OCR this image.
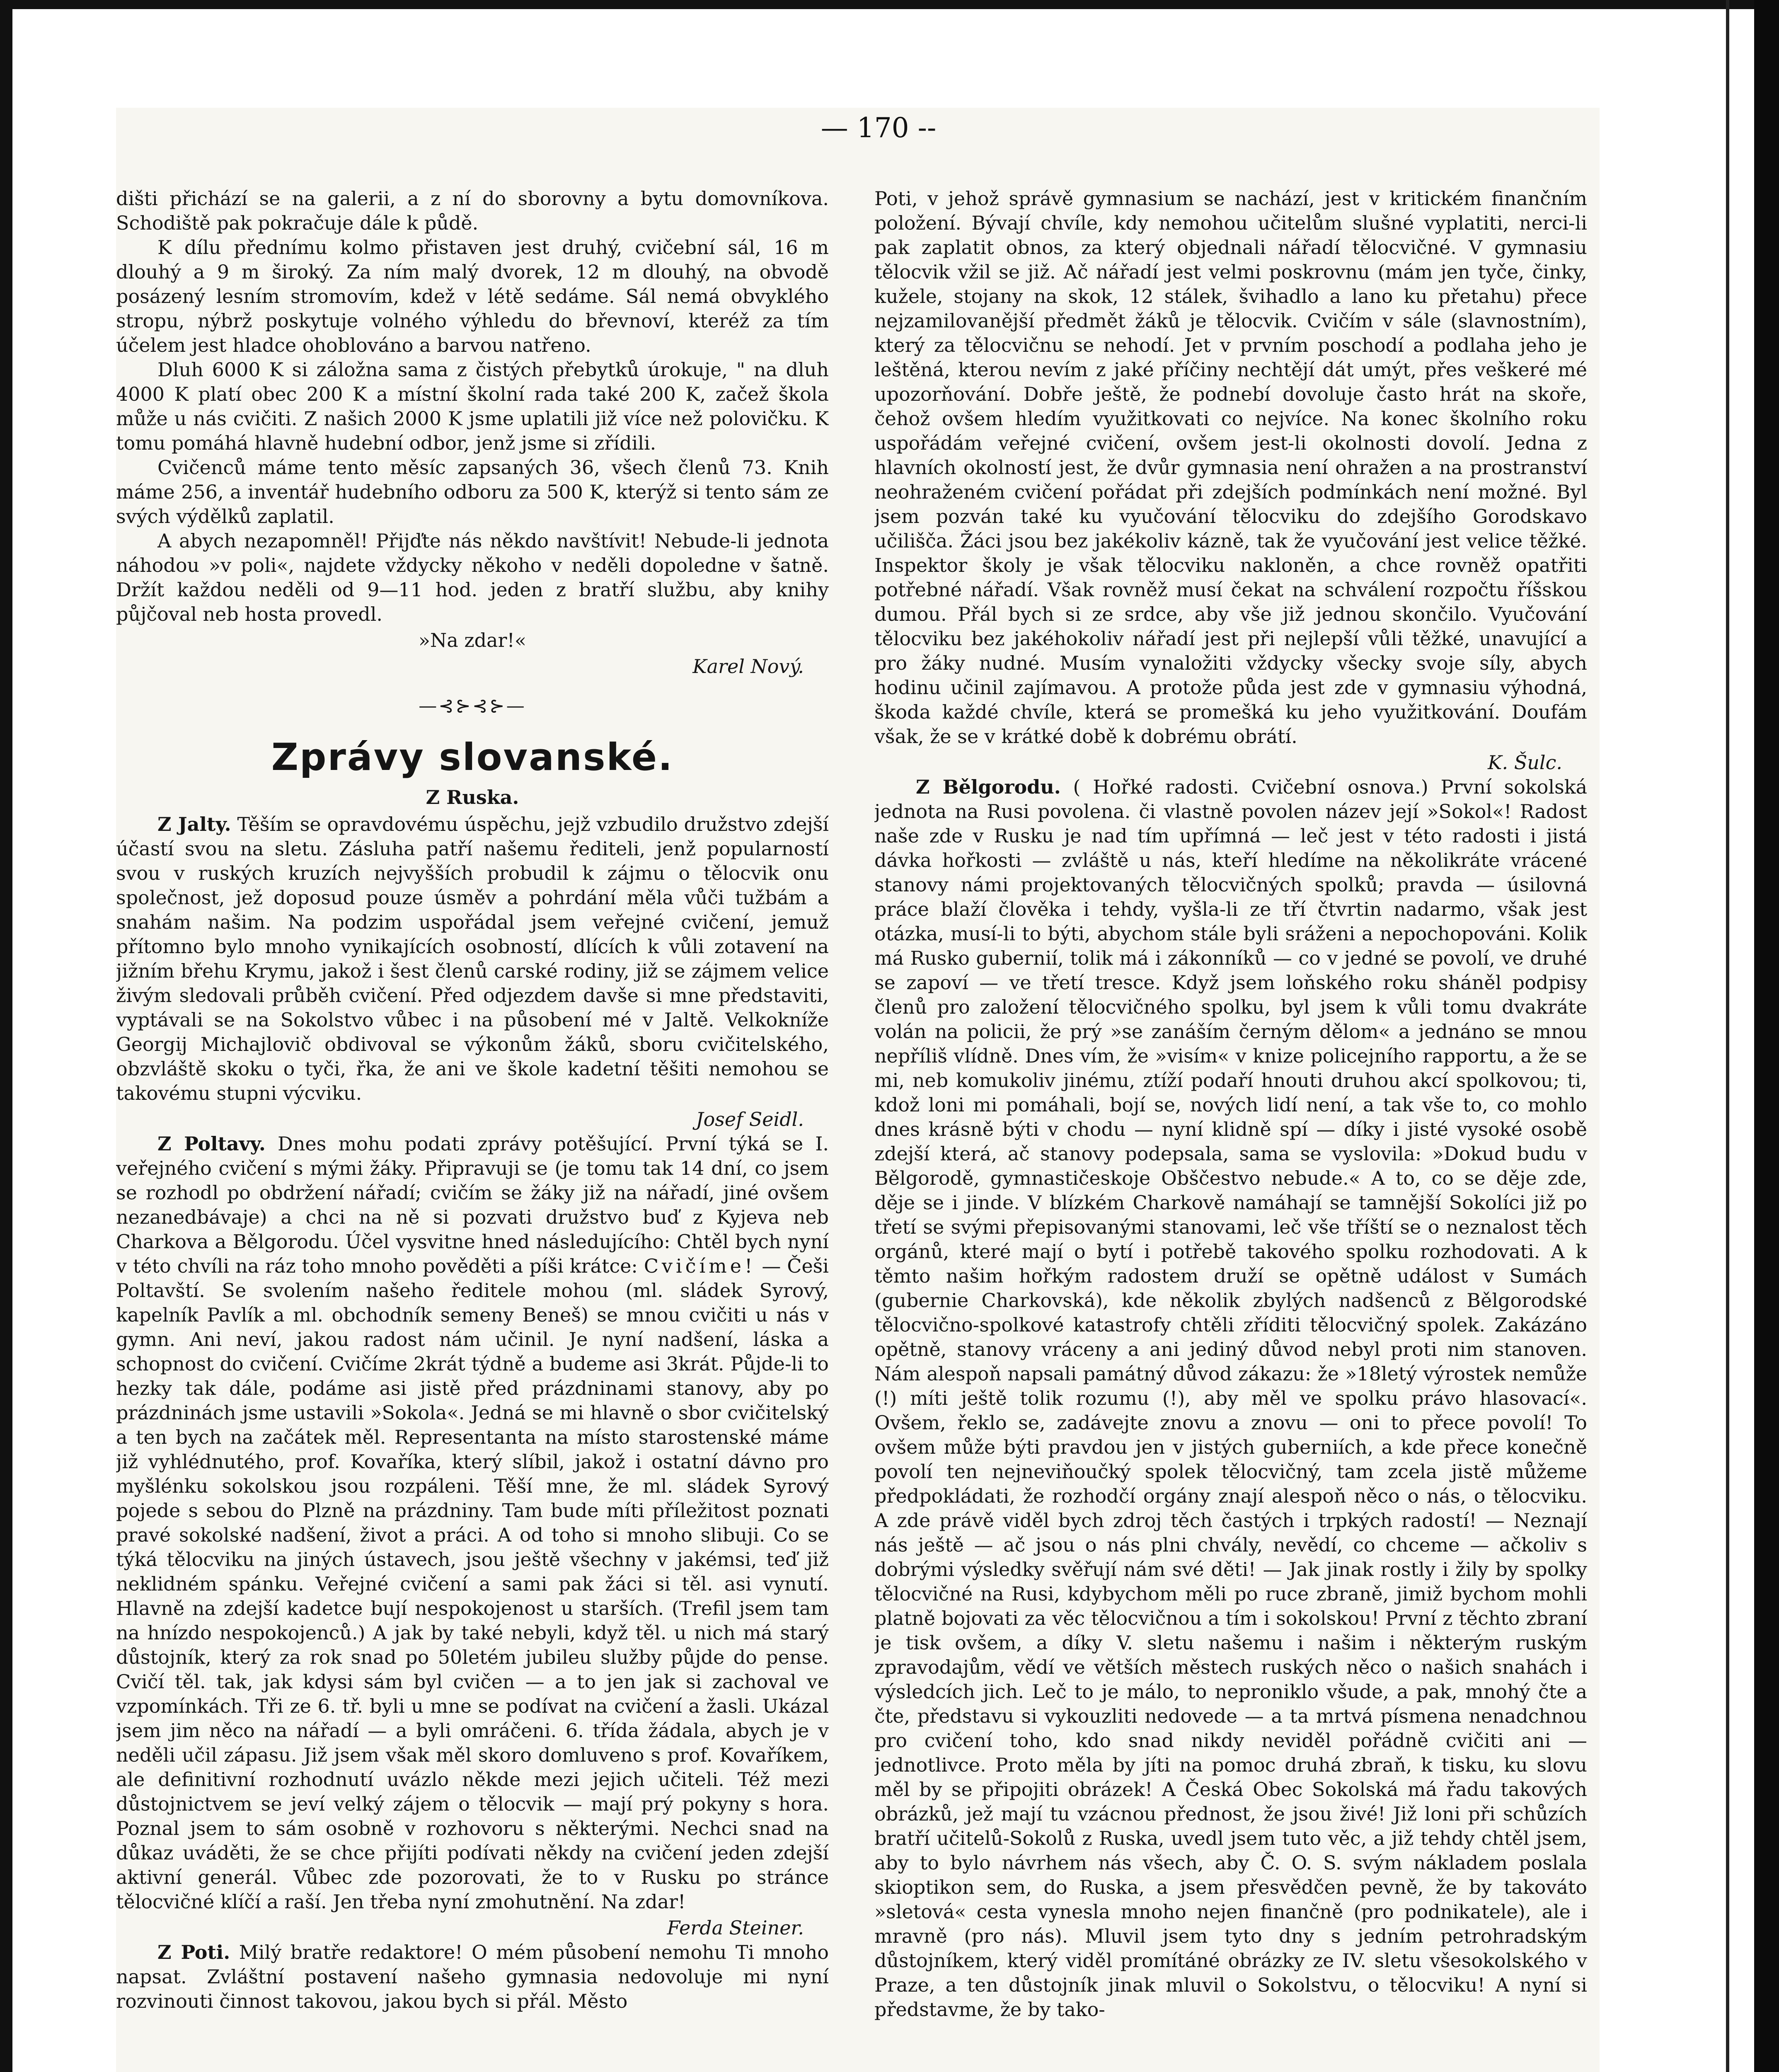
— 170 --

dišti přichází se na galerii, a z ní do sborovny a bytu domovníkova. Schodiště pak pokračuje dále k půdě.

K dílu přednímu kolmo přistaven jest druhý, cvičební sál, 16 m dlouhý a 9 m široký. Za ním malý dvorek, 12 m dlouhý, na obvodě posázený lesním stromovím, kdež v létě sedáme. Sál nemá obvyklého stropu, nýbrž poskytuje volného výhledu do břevnoví, kteréž za tím účelem jest hladce ohoblováno a barvou natřeno.

Dluh 6000 K si záložna sama z čistých přebytků úrokuje, " na dluh 4000 K platí obec 200 K a místní školní rada také 200 K, začež škola může u nás cvičiti. Z našich 2000 K jsme uplatili již více než polovičku. K tomu pomáhá hlavně hudební odbor, jenž jsme si zřídili.

Cvičenců máme tento měsíc zapsaných 36, všech členů 73. Knih máme 256, a inventář hudebního odboru za 500 K, kterýž si tento sám ze svých výdělků zaplatil.

A abych nezapomněl! Přijďte nás někdo navštívit! Nebude-li jednota náhodou »v poli«, najdete vždycky někoho v neděli dopoledne v šatně. Držít každou neděli od 9—11 hod. jeden z bratří službu, aby knihy půjčoval neb hosta provedl.

»Na zdar!«
Karel Nový.
—⊰⊱⊰⊱—
Zprávy slovanské.
Z Ruska.

Z Jalty. Těším se opravdovému úspěchu, jejž vzbudilo družstvo zdejší účastí svou na sletu. Zásluha patří našemu řediteli, jenž popularností svou v ruských kruzích nejvyšších probudil k zájmu o tělocvik onu společnost, jež doposud pouze úsměv a pohrdání měla vůči tužbám a snahám našim. Na podzim uspořádal jsem veřejné cvičení, jemuž přítomno bylo mnoho vynikajících osobností, dlících k vůli zotavení na jižním břehu Krymu, jakož i šest členů carské rodiny, již se zájmem velice živým sledovali průběh cvičení. Před odjezdem davše si mne představiti, vyptávali se na Sokolstvo vůbec i na působení mé v Jaltě. Velkokníže Georgij Michajlovič obdivoval se výkonům žáků, sboru cvičitelského, obzvláště skoku o tyči, řka, že ani ve škole kadetní těšiti nemohou se takovému stupni výcviku.

Josef Seidl.

Z Poltavy. Dnes mohu podati zprávy potěšující. První týká se I. veřejného cvičení s mými žáky. Připravuji se (je tomu tak 14 dní, co jsem se rozhodl po obdržení nářadí; cvičím se žáky již na nářadí, jiné ovšem nezanedbávaje) a chci na ně si pozvati družstvo buď z Kyjeva neb Charkova a Bělgorodu. Účel vysvitne hned následujícího: Chtěl bych nyní v této chvíli na ráz toho mnoho pověděti a píši krátce: Cvičíme! — Češi Poltavští. Se svolením našeho ředitele mohou (ml. sládek Syrový, kapelník Pavlík a ml. obchodník semeny Beneš) se mnou cvičiti u nás v gymn. Ani neví, jakou radost nám učinil. Je nyní nadšení, láska a schopnost do cvičení. Cvičíme 2krát týdně a budeme asi 3krát. Půjde-li to hezky tak dále, podáme asi jistě před prázdninami stanovy, aby po prázdninách jsme ustavili »Sokola«. Jedná se mi hlavně o sbor cvičitelský a ten bych na začátek měl. Representanta na místo starostenské máme již vyhlédnutého, prof. Kovaříka, který slíbil, jakož i ostatní dávno pro myšlénku sokolskou jsou rozpáleni. Těší mne, že ml. sládek Syrový pojede s sebou do Plzně na prázdniny. Tam bude míti příležitost poznati pravé sokolské nadšení, život a práci. A od toho si mnoho slibuji. Co se týká tělocviku na jiných ústavech, jsou ještě všechny v jakémsi, teď již neklidném spánku. Veřejné cvičení a sami pak žáci si těl. asi vynutí. Hlavně na zdejší kadetce bují nespokojenost u starších. (Trefil jsem tam na hnízdo nespokojenců.) A jak by také nebyli, když těl. u nich má starý důstojník, který za rok snad po 50letém jubileu služby půjde do pense. Cvičí těl. tak, jak kdysi sám byl cvičen — a to jen jak si zachoval ve vzpomínkách. Tři ze 6. tř. byli u mne se podívat na cvičení a žasli. Ukázal jsem jim něco na nářadí — a byli omráčeni. 6. třída žádala, abych je v neděli učil zápasu. Již jsem však měl skoro domluveno s prof. Kovaříkem, ale definitivní rozhodnutí uvázlo někde mezi jejich učiteli. Též mezi důstojnictvem se jeví velký zájem o tělocvik — mají prý pokyny s hora. Poznal jsem to sám osobně v rozhovoru s některými. Nechci snad na důkaz uváděti, že se chce přijíti podívati někdy na cvičení jeden zdejší aktivní generál. Vůbec zde pozorovati, že to v Rusku po stránce tělocvičné klíčí a raší. Jen třeba nyní zmohutnění. Na zdar!

Ferda Steiner.

Z Poti. Milý bratře redaktore! O mém působení nemohu Ti mnoho napsat. Zvláštní postavení našeho gymnasia nedovoluje mi nyní rozvinouti činnost takovou, jakou bych si přál. Město

Poti, v jehož správě gymnasium se nachází, jest v kritickém finančním položení. Bývají chvíle, kdy nemohou učitelům slušné vyplatiti, nerci-li pak zaplatit obnos, za který objednali nářadí tělocvičné. V gymnasiu tělocvik vžil se již. Ač nářadí jest velmi poskrovnu (mám jen tyče, činky, kužele, stojany na skok, 12 stálek, švihadlo a lano ku přetahu) přece nejzamilovanější předmět žáků je tělocvik. Cvičím v sále (slavnostním), který za tělocvičnu se nehodí. Jet v prvním poschodí a podlaha jeho je leštěná, kterou nevím z jaké příčiny nechtějí dát umýt, přes veškeré mé upozorňování. Dobře ještě, že podnebí dovoluje často hrát na skoře, čehož ovšem hledím využitkovati co nejvíce. Na konec školního roku uspořádám veřejné cvičení, ovšem jest-li okolnosti dovolí. Jedna z hlavních okolností jest, že dvůr gymnasia není ohražen a na prostranství neohraženém cvičení pořádat při zdejších podmínkách není možné. Byl jsem pozván také ku vyučování tělocviku do zdejšího Gorodskavo učilišča. Žáci jsou bez jakékoliv kázně, tak že vyučování jest velice těžké. Inspektor školy je však tělocviku nakloněn, a chce rovněž opatřiti potřebné nářadí. Však rovněž musí čekat na schválení rozpočtu říšskou dumou. Přál bych si ze srdce, aby vše již jednou skončilo. Vyučování tělocviku bez jakéhokoliv nářadí jest při nejlepší vůli těžké, unavující a pro žáky nudné. Musím vynaložiti vždycky všecky svoje síly, abych hodinu učinil zajímavou. A protože půda jest zde v gymnasiu výhodná, škoda každé chvíle, která se promešká ku jeho využitkování. Doufám však, že se v krátké době k dobrému obrátí.

K. Šulc.

Z Bělgorodu. ( Hořké radosti. Cvičební osnova.) První sokolská jednota na Rusi povolena. či vlastně povolen název její »Sokol«! Radost naše zde v Rusku je nad tím upřímná — leč jest v této radosti i jistá dávka hořkosti — zvláště u nás, kteří hledíme na několikráte vrácené stanovy námi projektovaných tělocvičných spolků; pravda — úsilovná práce blaží člověka i tehdy, vyšla-li ze tří čtvrtin nadarmo, však jest otázka, musí-li to býti, abychom stále byli sráženi a nepochopováni. Kolik má Rusko gubernií, tolik má i zákonníků — co v jedné se povolí, ve druhé se zapoví — ve třetí tresce. Když jsem loňského roku sháněl podpisy členů pro založení tělocvičného spolku, byl jsem k vůli tomu dvakráte volán na policii, že prý »se zanáším černým dělom« a jednáno se mnou nepříliš vlídně. Dnes vím, že »visím« v knize policejního rapportu, a že se mi, neb komukoliv jinému, ztíží podaří hnouti druhou akcí spolkovou; ti, kdož loni mi pomáhali, bojí se, nových lidí není, a tak vše to, co mohlo dnes krásně býti v chodu — nyní klidně spí — díky i jisté vysoké osobě zdejší která, ač stanovy podepsala, sama se vyslovila: »Dokud budu v Bělgorodě, gymnastičeskoje Obščestvo nebude.« A to, co se děje zde, děje se i jinde. V blízkém Charkově namáhají se tamnější Sokolíci již po třetí se svými přepisovanými stanovami, leč vše tříští se o neznalost těch orgánů, které mají o bytí i potřebě takového spolku rozhodovati. A k těmto našim hořkým radostem druží se opětně událost v Sumách (gubernie Charkovská), kde několik zbylých nadšenců z Bělgorodské tělocvično-spolkové katastrofy chtěli zříditi tělocvičný spolek. Zakázáno opětně, stanovy vráceny a ani jediný důvod nebyl proti nim stanoven. Nám alespoň napsali památný důvod zákazu: že »18letý výrostek nemůže (!) míti ještě tolik rozumu (!), aby měl ve spolku právo hlasovací«. Ovšem, řeklo se, zadávejte znovu a znovu — oni to přece povolí! To ovšem může býti pravdou jen v jistých guberniích, a kde přece konečně povolí ten nejneviňoučký spolek tělocvičný, tam zcela jistě můžeme předpokládati, že rozhodčí orgány znají alespoň něco o nás, o tělocviku. A zde právě viděl bych zdroj těch častých i trpkých radostí! — Neznají nás ještě — ač jsou o nás plni chvály, nevědí, co chceme — ačkoliv s dobrými výsledky svěřují nám své děti! — Jak jinak rostly i žily by spolky tělocvičné na Rusi, kdybychom měli po ruce zbraně, jimiž bychom mohli platně bojovati za věc tělocvičnou a tím i sokolskou! První z těchto zbraní je tisk ovšem, a díky V. sletu našemu i našim i některým ruským zpravodajům, vědí ve větších městech ruských něco o našich snahách i výsledcích jich. Leč to je málo, to neproniklo všude, a pak, mnohý čte a čte, představu si vykouzliti nedovede — a ta mrtvá písmena nenadchnou pro cvičení toho, kdo snad nikdy neviděl pořádně cvičiti ani — jednotlivce. Proto měla by jíti na pomoc druhá zbraň, k tisku, ku slovu měl by se připojiti obrázek! A Česká Obec Sokolská má řadu takových obrázků, jež mají tu vzácnou přednost, že jsou živé! Již loni při schůzích bratří učitelů-Sokolů z Ruska, uvedl jsem tuto věc, a již tehdy chtěl jsem, aby to bylo návrhem nás všech, aby Č. O. S. svým nákladem poslala skioptikon sem, do Ruska, a jsem přesvědčen pevně, že by takováto »sletová« cesta vynesla mnoho nejen finančně (pro podnikatele), ale i mravně (pro nás). Mluvil jsem tyto dny s jedním petrohradským důstojníkem, který viděl promítáné obrázky ze IV. sletu všesokolského v Praze, a ten důstojník jinak mluvil o Sokolstvu, o tělocviku! A nyní si představme, že by tako-
